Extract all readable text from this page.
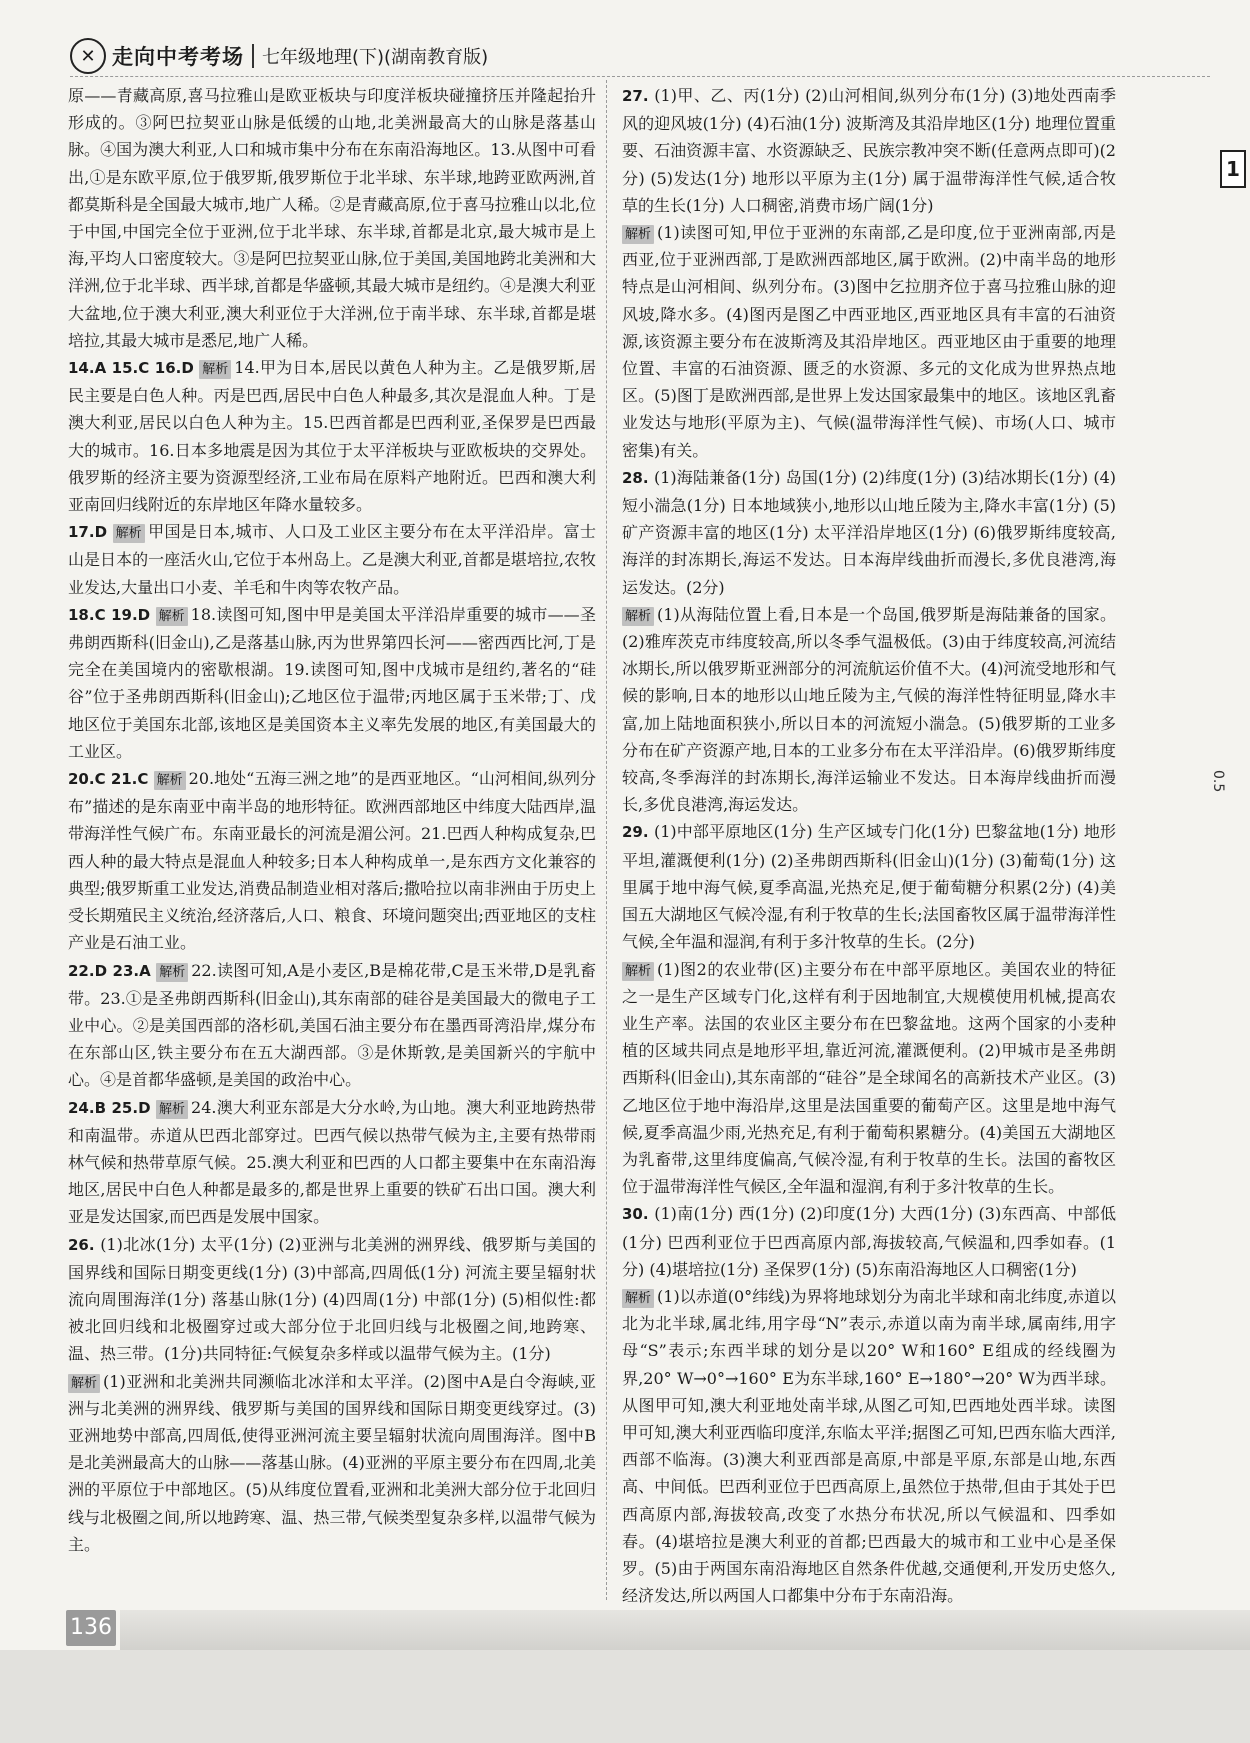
✕ 走向中考考场 七年级地理(下)(湖南教育版)

原——青藏高原,喜马拉雅山是欧亚板块与印度洋板块碰撞挤压并隆起抬升形成的。③阿巴拉契亚山脉是低缓的山地,北美洲最高大的山脉是落基山脉。④国为澳大利亚,人口和城市集中分布在东南沿海地区。13.从图中可看出,①是东欧平原,位于俄罗斯,俄罗斯位于北半球、东半球,地跨亚欧两洲,首都莫斯科是全国最大城市,地广人稀。②是青藏高原,位于喜马拉雅山以北,位于中国,中国完全位于亚洲,位于北半球、东半球,首都是北京,最大城市是上海,平均人口密度较大。③是阿巴拉契亚山脉,位于美国,美国地跨北美洲和大洋洲,位于北半球、西半球,首都是华盛顿,其最大城市是纽约。④是澳大利亚大盆地,位于澳大利亚,澳大利亚位于大洋洲,位于南半球、东半球,首都是堪培拉,其最大城市是悉尼,地广人稀。

14.A 15.C 16.D 解析 14.甲为日本,居民以黄色人种为主。乙是俄罗斯,居民主要是白色人种。丙是巴西,居民中白色人种最多,其次是混血人种。丁是澳大利亚,居民以白色人种为主。15.巴西首都是巴西利亚,圣保罗是巴西最大的城市。16.日本多地震是因为其位于太平洋板块与亚欧板块的交界处。俄罗斯的经济主要为资源型经济,工业布局在原料产地附近。巴西和澳大利亚南回归线附近的东岸地区年降水量较多。

17.D 解析 甲国是日本,城市、人口及工业区主要分布在太平洋沿岸。富士山是日本的一座活火山,它位于本州岛上。乙是澳大利亚,首都是堪培拉,农牧业发达,大量出口小麦、羊毛和牛肉等农牧产品。

18.C 19.D 解析 18.读图可知,图中甲是美国太平洋沿岸重要的城市——圣弗朗西斯科(旧金山),乙是落基山脉,丙为世界第四长河——密西西比河,丁是完全在美国境内的密歇根湖。19.读图可知,图中戊城市是纽约,著名的“硅谷”位于圣弗朗西斯科(旧金山);乙地区位于温带;丙地区属于玉米带;丁、戊地区位于美国东北部,该地区是美国资本主义率先发展的地区,有美国最大的工业区。

20.C 21.C 解析 20.地处“五海三洲之地”的是西亚地区。“山河相间,纵列分布”描述的是东南亚中南半岛的地形特征。欧洲西部地区中纬度大陆西岸,温带海洋性气候广布。东南亚最长的河流是湄公河。21.巴西人种构成复杂,巴西人种的最大特点是混血人种较多;日本人种构成单一,是东西方文化兼容的典型;俄罗斯重工业发达,消费品制造业相对落后;撒哈拉以南非洲由于历史上受长期殖民主义统治,经济落后,人口、粮食、环境问题突出;西亚地区的支柱产业是石油工业。

22.D 23.A 解析 22.读图可知,A是小麦区,B是棉花带,C是玉米带,D是乳畜带。23.①是圣弗朗西斯科(旧金山),其东南部的硅谷是美国最大的微电子工业中心。②是美国西部的洛杉矶,美国石油主要分布在墨西哥湾沿岸,煤分布在东部山区,铁主要分布在五大湖西部。③是休斯敦,是美国新兴的宇航中心。④是首都华盛顿,是美国的政治中心。

24.B 25.D 解析 24.澳大利亚东部是大分水岭,为山地。澳大利亚地跨热带和南温带。赤道从巴西北部穿过。巴西气候以热带气候为主,主要有热带雨林气候和热带草原气候。25.澳大利亚和巴西的人口都主要集中在东南沿海地区,居民中白色人种都是最多的,都是世界上重要的铁矿石出口国。澳大利亚是发达国家,而巴西是发展中国家。

26. (1)北冰(1分) 太平(1分) (2)亚洲与北美洲的洲界线、俄罗斯与美国的国界线和国际日期变更线(1分) (3)中部高,四周低(1分) 河流主要呈辐射状流向周围海洋(1分) 落基山脉(1分) (4)四周(1分) 中部(1分) (5)相似性:都被北回归线和北极圈穿过或大部分位于北回归线与北极圈之间,地跨寒、温、热三带。(1分)共同特征:气候复杂多样或以温带气候为主。(1分)

解析 (1)亚洲和北美洲共同濒临北冰洋和太平洋。(2)图中A是白令海峡,亚洲与北美洲的洲界线、俄罗斯与美国的国界线和国际日期变更线穿过。(3)亚洲地势中部高,四周低,使得亚洲河流主要呈辐射状流向周围海洋。图中B是北美洲最高大的山脉——落基山脉。(4)亚洲的平原主要分布在四周,北美洲的平原位于中部地区。(5)从纬度位置看,亚洲和北美洲大部分位于北回归线与北极圈之间,所以地跨寒、温、热三带,气候类型复杂多样,以温带气候为主。

27. (1)甲、乙、丙(1分) (2)山河相间,纵列分布(1分) (3)地处西南季风的迎风坡(1分) (4)石油(1分) 波斯湾及其沿岸地区(1分) 地理位置重要、石油资源丰富、水资源缺乏、民族宗教冲突不断(任意两点即可)(2分) (5)发达(1分) 地形以平原为主(1分) 属于温带海洋性气候,适合牧草的生长(1分) 人口稠密,消费市场广阔(1分)

解析 (1)读图可知,甲位于亚洲的东南部,乙是印度,位于亚洲南部,丙是西亚,位于亚洲西部,丁是欧洲西部地区,属于欧洲。(2)中南半岛的地形特点是山河相间、纵列分布。(3)图中乞拉朋齐位于喜马拉雅山脉的迎风坡,降水多。(4)图丙是图乙中西亚地区,西亚地区具有丰富的石油资源,该资源主要分布在波斯湾及其沿岸地区。西亚地区由于重要的地理位置、丰富的石油资源、匮乏的水资源、多元的文化成为世界热点地区。(5)图丁是欧洲西部,是世界上发达国家最集中的地区。该地区乳畜业发达与地形(平原为主)、气候(温带海洋性气候)、市场(人口、城市密集)有关。

28. (1)海陆兼备(1分) 岛国(1分) (2)纬度(1分) (3)结冰期长(1分) (4)短小湍急(1分) 日本地域狭小,地形以山地丘陵为主,降水丰富(1分) (5)矿产资源丰富的地区(1分) 太平洋沿岸地区(1分) (6)俄罗斯纬度较高,海洋的封冻期长,海运不发达。日本海岸线曲折而漫长,多优良港湾,海运发达。(2分)

解析 (1)从海陆位置上看,日本是一个岛国,俄罗斯是海陆兼备的国家。(2)雅库茨克市纬度较高,所以冬季气温极低。(3)由于纬度较高,河流结冰期长,所以俄罗斯亚洲部分的河流航运价值不大。(4)河流受地形和气候的影响,日本的地形以山地丘陵为主,气候的海洋性特征明显,降水丰富,加上陆地面积狭小,所以日本的河流短小湍急。(5)俄罗斯的工业多分布在矿产资源产地,日本的工业多分布在太平洋沿岸。(6)俄罗斯纬度较高,冬季海洋的封冻期长,海洋运输业不发达。日本海岸线曲折而漫长,多优良港湾,海运发达。

29. (1)中部平原地区(1分) 生产区域专门化(1分) 巴黎盆地(1分) 地形平坦,灌溉便利(1分) (2)圣弗朗西斯科(旧金山)(1分) (3)葡萄(1分) 这里属于地中海气候,夏季高温,光热充足,便于葡萄糖分积累(2分) (4)美国五大湖地区气候冷湿,有利于牧草的生长;法国畜牧区属于温带海洋性气候,全年温和湿润,有利于多汁牧草的生长。(2分)

解析 (1)图2的农业带(区)主要分布在中部平原地区。美国农业的特征之一是生产区域专门化,这样有利于因地制宜,大规模使用机械,提高农业生产率。法国的农业区主要分布在巴黎盆地。这两个国家的小麦种植的区域共同点是地形平坦,靠近河流,灌溉便利。(2)甲城市是圣弗朗西斯科(旧金山),其东南部的“硅谷”是全球闻名的高新技术产业区。(3)乙地区位于地中海沿岸,这里是法国重要的葡萄产区。这里是地中海气候,夏季高温少雨,光热充足,有利于葡萄积累糖分。(4)美国五大湖地区为乳畜带,这里纬度偏高,气候冷湿,有利于牧草的生长。法国的畜牧区位于温带海洋性气候区,全年温和湿润,有利于多汁牧草的生长。

30. (1)南(1分) 西(1分) (2)印度(1分) 大西(1分) (3)东西高、中部低(1分) 巴西利亚位于巴西高原内部,海拔较高,气候温和,四季如春。(1分) (4)堪培拉(1分) 圣保罗(1分) (5)东南沿海地区人口稠密(1分)

解析 (1)以赤道(0°纬线)为界将地球划分为南北半球和南北纬度,赤道以北为北半球,属北纬,用字母“N”表示,赤道以南为南半球,属南纬,用字母“S”表示;东西半球的划分是以20° W和160° E组成的经线圈为界,20° W→0°→160° E为东半球,160° E→180°→20° W为西半球。从图甲可知,澳大利亚地处南半球,从图乙可知,巴西地处西半球。读图甲可知,澳大利亚西临印度洋,东临太平洋;据图乙可知,巴西东临大西洋,西部不临海。(3)澳大利亚西部是高原,中部是平原,东部是山地,东西高、中间低。巴西利亚位于巴西高原上,虽然位于热带,但由于其处于巴西高原内部,海拔较高,改变了水热分布状况,所以气候温和、四季如春。(4)堪培拉是澳大利亚的首都;巴西最大的城市和工业中心是圣保罗。(5)由于两国东南沿海地区自然条件优越,交通便利,开发历史悠久,经济发达,所以两国人口都集中分布于东南沿海。

1
0.5
136
